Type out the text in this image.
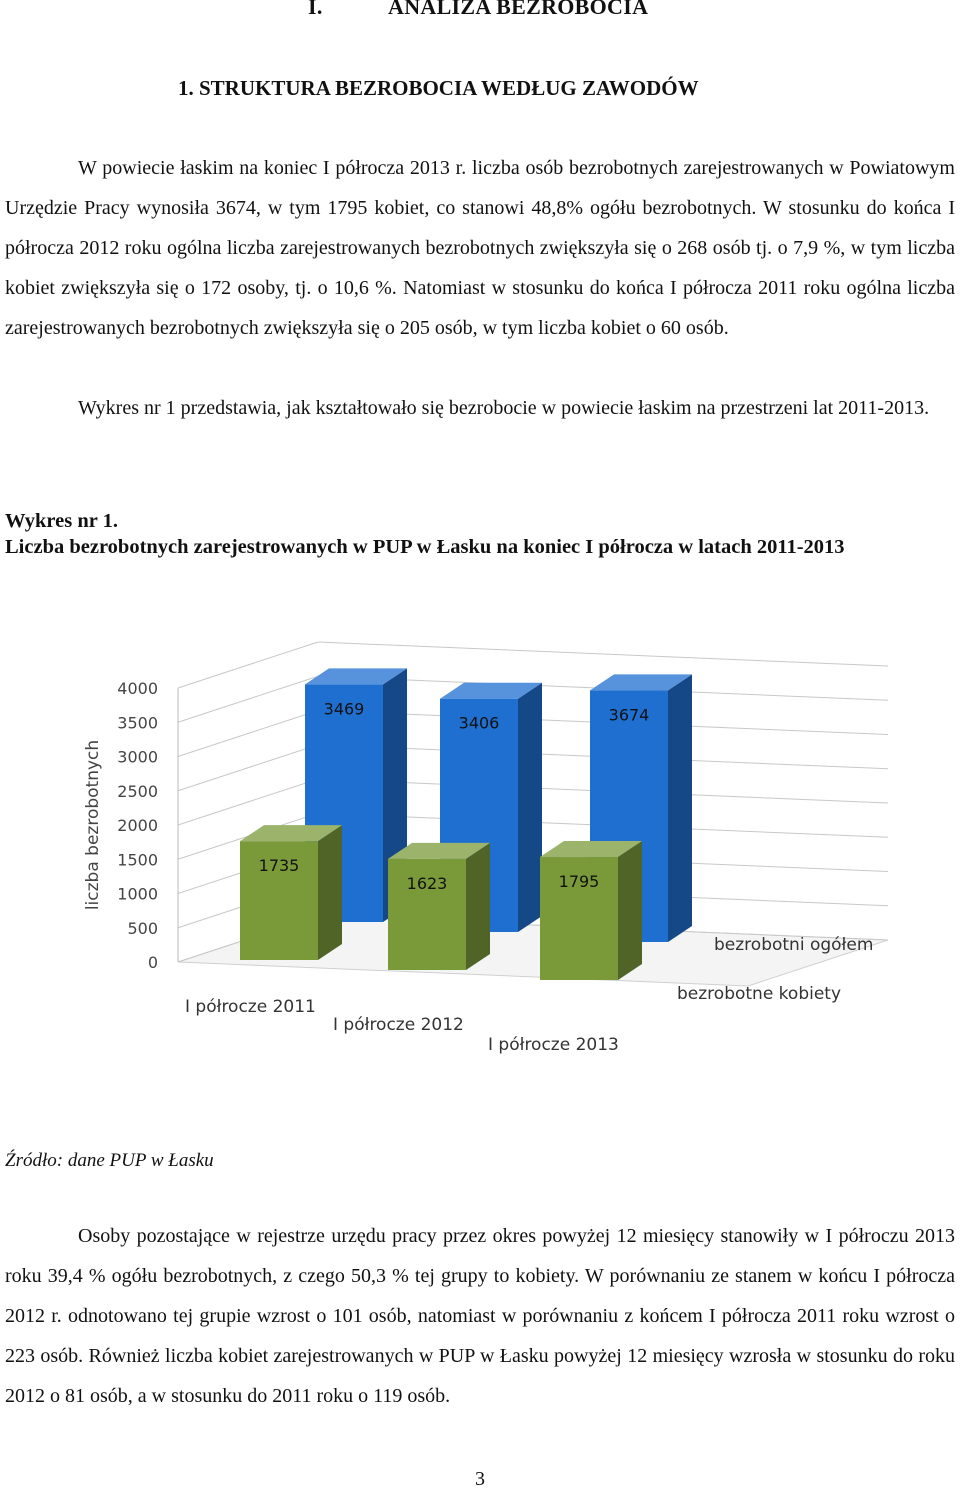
I.	ANALIZA BEZROBOCIA
1. STRUKTURA BEZROBOCIA WEDŁUG ZAWODÓW

W powiecie łaskim na koniec I półrocza 2013 r. liczba osób bezrobotnych zarejestrowanych w Powiatowym Urzędzie Pracy wynosiła 3674, w tym 1795 kobiet, co stanowi 48,8% ogółu bezrobotnych. W stosunku do końca I półrocza 2012 roku ogólna liczba zarejestrowanych bezrobotnych zwiększyła się o 268 osób tj. o 7,9 %, w tym liczba kobiet zwiększyła się o 172 osoby, tj. o 10,6 %. Natomiast w stosunku do końca I półrocza 2011 roku ogólna liczba zarejestrowanych bezrobotnych zwiększyła się o 205 osób, w tym liczba kobiet o 60 osób.

Wykres nr 1 przedstawia, jak kształtowało się bezrobocie w powiecie łaskim na przestrzeni lat 2011-2013.

Wykres nr 1.

Liczba bezrobotnych zarejestrowanych w PUP w Łasku na koniec I półrocza w latach 2011-2013

0
500
1000
1500
2000
2500
3000
3500
4000
liczba bezrobotnych
3469
3406	3674
1735
1623	1795
bezrobotni ogółem
bezrobotne kobiety
I półrocze 2011
I półrocze 2012
I półrocze 2013
Źródło: dane PUP w Łasku

Osoby pozostające w rejestrze urzędu pracy przez okres powyżej 12 miesięcy stanowiły w I półroczu 2013 roku 39,4 % ogółu bezrobotnych, z czego 50,3 % tej grupy to kobiety. W porównaniu ze stanem w końcu I półrocza 2012 r. odnotowano tej grupie wzrost o 101 osób, natomiast w porównaniu z końcem I półrocza 2011 roku wzrost o 223 osób. Również liczba kobiet zarejestrowanych w PUP w Łasku powyżej 12 miesięcy wzrosła w stosunku do roku 2012 o 81 osób, a w stosunku do 2011 roku o 119 osób.

3
